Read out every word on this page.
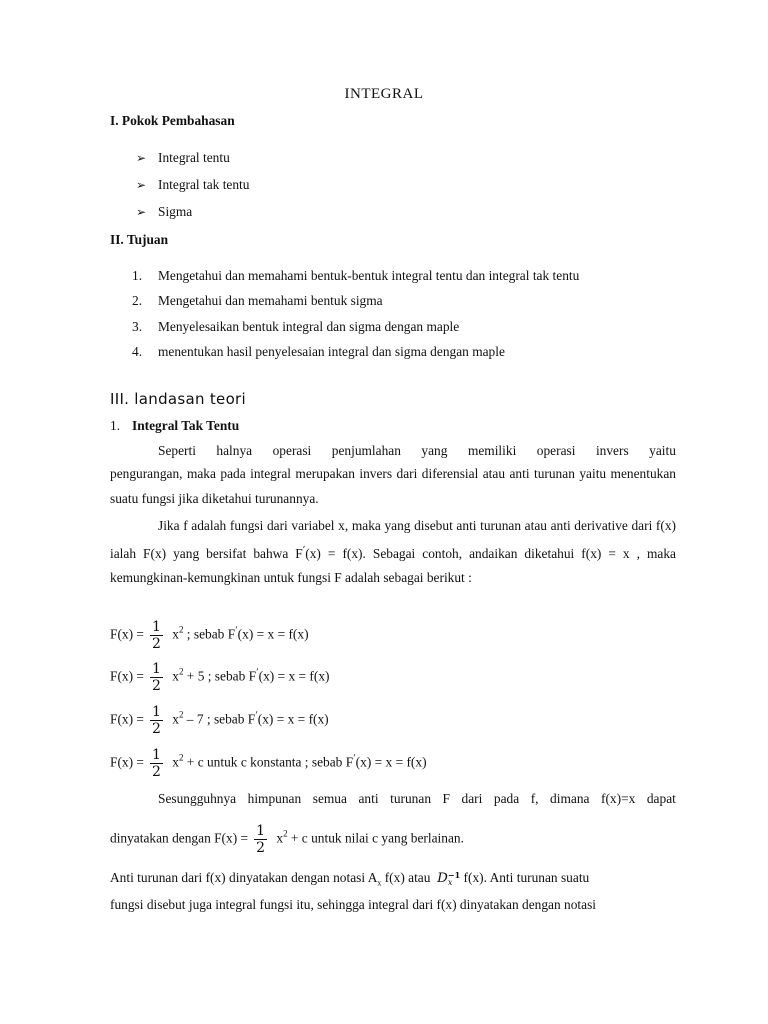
INTEGRAL
I. Pokok Pembahasan
➢ Integral tentu
➢ Integral tak tentu
➢ Sigma
II. Tujuan
1. Mengetahui dan memahami bentuk-bentuk integral tentu dan integral tak tentu
2. Mengetahui dan memahami bentuk sigma
3. Menyelesaikan bentuk integral dan sigma dengan maple
4. menentukan hasil penyelesaian integral dan sigma dengan maple
III. landasan teori
1. Integral Tak Tentu
Seperti halnya operasi penjumlahan yang memiliki operasi invers yaitu
pengurangan, maka pada integral merupakan invers dari diferensial atau anti turunan yaitu menentukan suatu fungsi jika diketahui turunannya.
Jika f adalah fungsi dari variabel x, maka yang disebut anti turunan atau anti derivative dari f(x) ialah F(x) yang bersifat bahwa $F^ʹ(x) = f(x)$. Sebagai contoh, andaikan diketahui f(x) = x , maka kemungkinan-kemungkinan untuk fungsi F adalah sebagai berikut :
$F(x) = \frac{1}{2} x^2$ ; sebab $F^ʹ(x) = x = f(x)$
$F(x) = \frac{1}{2} x^2 + 5$ ; sebab $F^ʹ(x) = x = f(x)$
$F(x) = \frac{1}{2} x^2 - 7$ ; sebab $F^ʹ(x) = x = f(x)$
$F(x) = \frac{1}{2} x^2 + c$ untuk c konstanta ; sebab $F^ʹ(x) = x = f(x)$
Sesungguhnya himpunan semua anti turunan F dari pada f, dimana f(x)=x dapat
dinyatakan dengan $F(x) = \frac{1}{2} x^2 + c$ untuk nilai c yang berlainan.
Anti turunan dari f(x) dinyatakan dengan notasi $A_x$ f(x) atau D −1
x f(x). Anti turunan suatu
fungsi disebut juga integral fungsi itu, sehingga integral dari f(x) dinyatakan dengan notasi
